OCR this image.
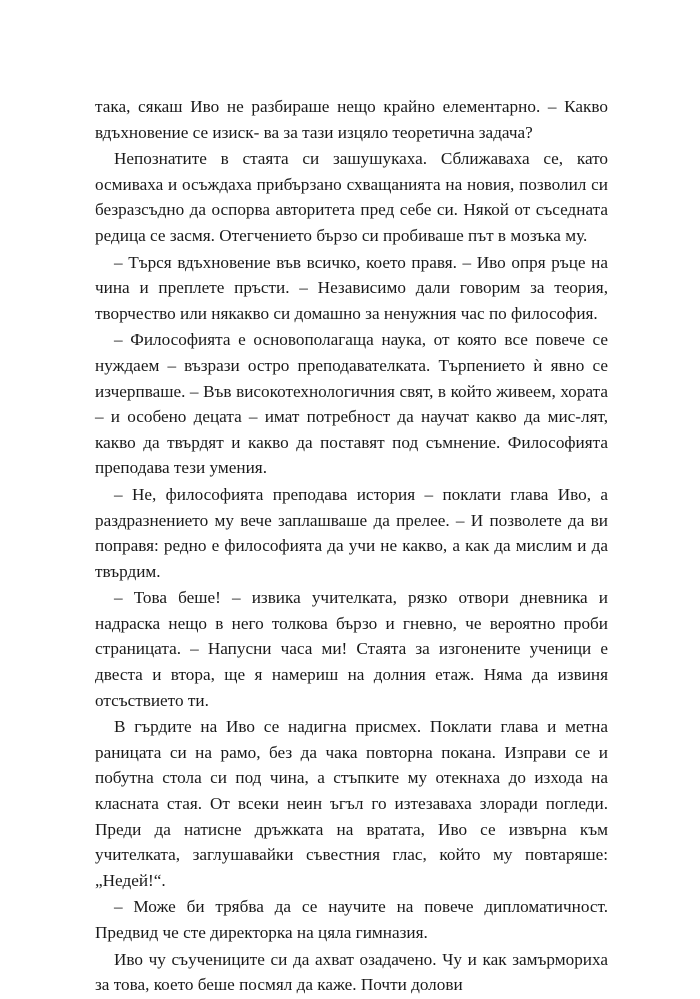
така, сякаш Иво не разбираше нещо крайно елементарно. – Какво вдъхновение се изиск- ва за тази изцяло теоретична задача?

Непознатите в стаята си зашушукаха. Сближаваха се, като осмиваха и осъждаха прибързано схващанията на новия, позволил си безразсъдно да оспорва авторитета пред себе си. Някой от съседната редица се засмя. Отегчението бързо си пробиваше път в мозъка му.

– Търся вдъхновение във всичко, което правя. – Иво опря ръце на чина и преплете пръсти. – Независимо дали говорим за теория, творчество или някакво си домашно за ненужния час по философия.

– Философията е основополагаща наука, от която все повече се нуждаем – възрази остро преподавателката. Търпението ѝ явно се изчерпваше. – Във високотехнологичния свят, в който живеем, хората – и особено децата – имат потребност да научат какво да мис-лят, какво да твърдят и какво да поставят под съмнение. Философията преподава тези умения.

– Не, философията преподава история – поклати глава Иво, а раздразнението му вече заплашваше да прелее. – И позволете да ви поправя: редно е философията да учи не какво, а как да мислим и да твърдим.

– Това беше! – извика учителката, рязко отвори дневника и надраска нещо в него толкова бързо и гневно, че вероятно проби страницата. – Напусни часа ми! Стаята за изгонените ученици е двеста и втора, ще я намериш на долния етаж. Няма да извиня отсъствието ти.

В гърдите на Иво се надигна присмех. Поклати глава и метна раницата си на рамо, без да чака повторна покана. Изправи се и побутна стола си под чина, а стъпките му отекнаха до изхода на класната стая. От всеки неин ъгъл го изтезаваха злоради погледи. Преди да натисне дръжката на вратата, Иво се извърна към учителката, заглушавайки съвестния глас, който му повтаряше: „Недей!“.

– Може би трябва да се научите на повече дипломатичност. Предвид че сте директорка на цяла гимназия.

Иво чу съучениците си да ахват озадачено. Чу и как замърмориха за това, което беше посмял да каже. Почти долови
